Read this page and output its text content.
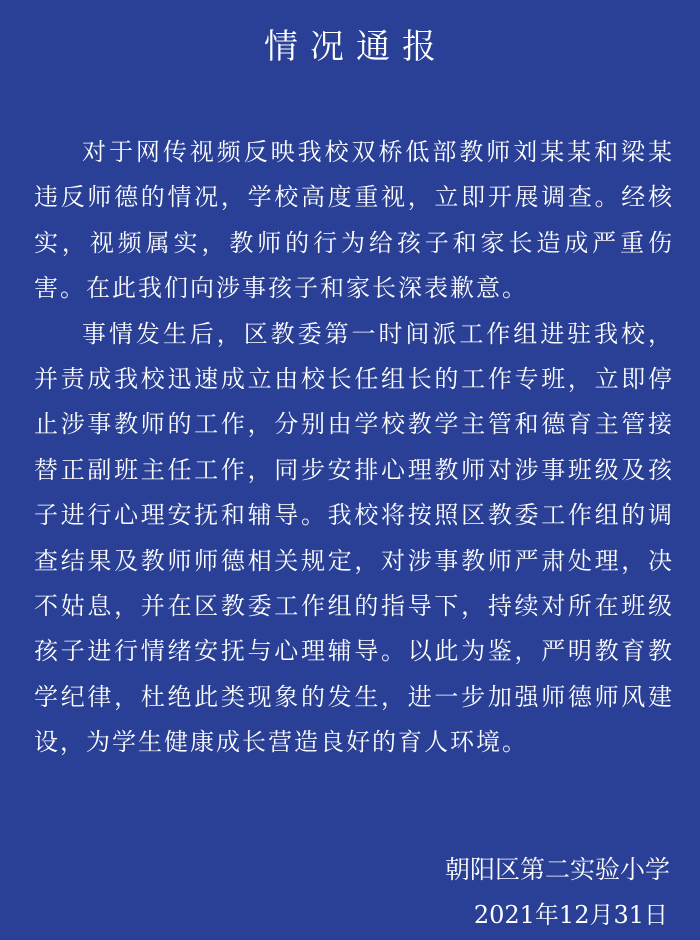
情况通报

对于网传视频反映我校双桥低部教师刘某某和梁某违反师德的情况，学校高度重视，立即开展调查。经核实，视频属实，教师的行为给孩子和家长造成严重伤害。在此我们向涉事孩子和家长深表歉意。

事情发生后，区教委第一时间派工作组进驻我校，并责成我校迅速成立由校长任组长的工作专班，立即停止涉事教师的工作，分别由学校教学主管和德育主管接替正副班主任工作，同步安排心理教师对涉事班级及孩子进行心理安抚和辅导。我校将按照区教委工作组的调查结果及教师师德相关规定，对涉事教师严肃处理，决不姑息，并在区教委工作组的指导下，持续对所在班级孩子进行情绪安抚与心理辅导。以此为鉴，严明教育教学纪律，杜绝此类现象的发生，进一步加强师德师风建设，为学生健康成长营造良好的育人环境。

朝阳区第二实验小学
2021年12月31日
